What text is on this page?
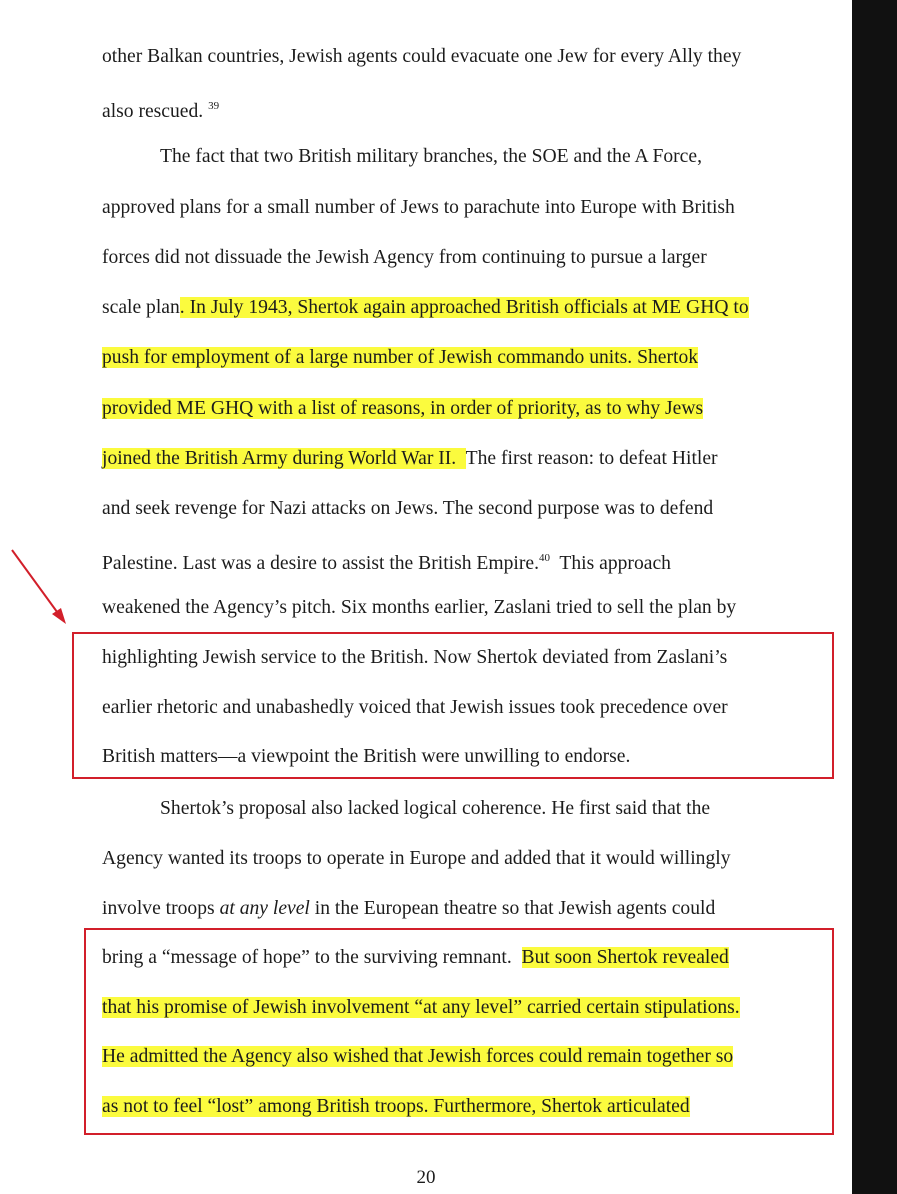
other Balkan countries, Jewish agents could evacuate one Jew for every Ally they
also rescued. $^{39}$
The fact that two British military branches, the SOE and the A Force,
approved plans for a small number of Jews to parachute into Europe with British
forces did not dissuade the Jewish Agency from continuing to pursue a larger
scale plan. In July 1943, Shertok again approached British officials at ME GHQ to
push for employment of a large number of Jewish commando units. Shertok
provided ME GHQ with a list of reasons, in order of priority, as to why Jews
joined the British Army during World War II.  The first reason: to defeat Hitler
and seek revenge for Nazi attacks on Jews. The second purpose was to defend
Palestine. Last was a desire to assist the British Empire.$^{40}$  This approach
weakened the Agency’s pitch. Six months earlier, Zaslani tried to sell the plan by
highlighting Jewish service to the British. Now Shertok deviated from Zaslani’s
earlier rhetoric and unabashedly voiced that Jewish issues took precedence over
British matters—a viewpoint the British were unwilling to endorse.
Shertok’s proposal also lacked logical coherence. He first said that the
Agency wanted its troops to operate in Europe and added that it would willingly
involve troops at any level in the European theatre so that Jewish agents could
bring a “message of hope” to the surviving remnant.  But soon Shertok revealed
that his promise of Jewish involvement “at any level” carried certain stipulations.
He admitted the Agency also wished that Jewish forces could remain together so
as not to feel “lost” among British troops. Furthermore, Shertok articulated
20
